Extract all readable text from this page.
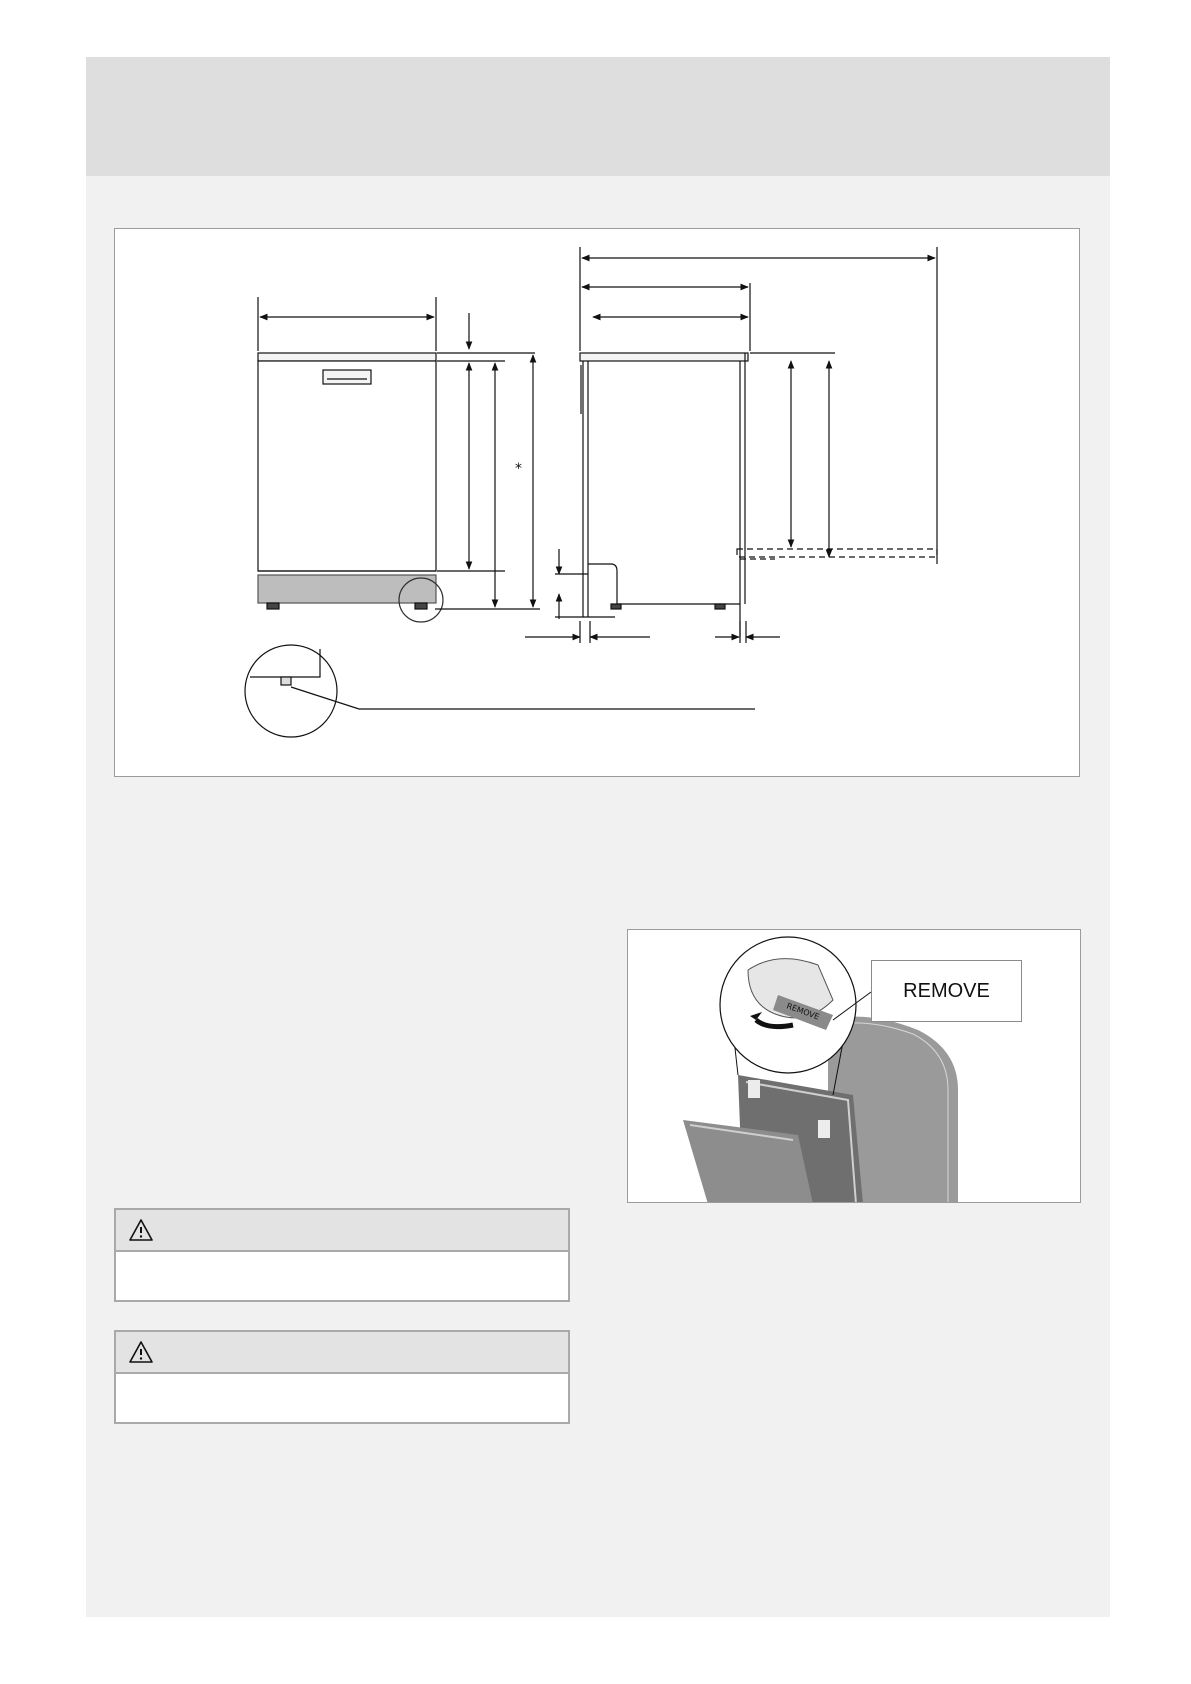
*
REMOVE
REMOVE
